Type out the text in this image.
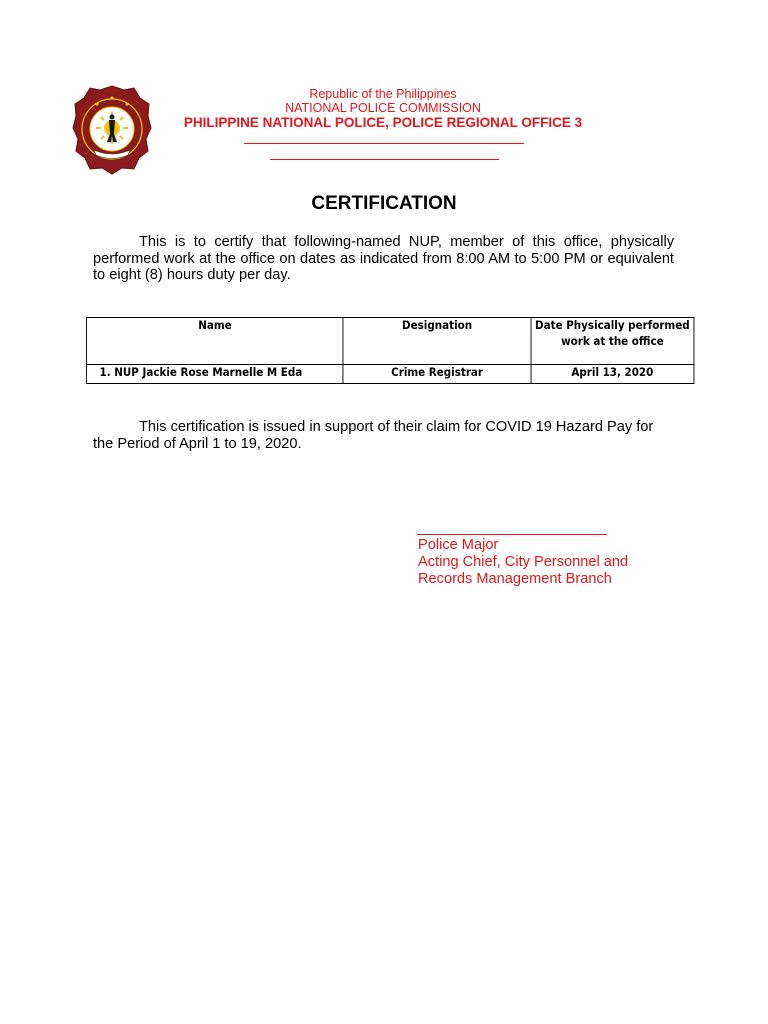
Republic of the Philippines
NATIONAL POLICE COMMISSION
PHILIPPINE NATIONAL POLICE, POLICE REGIONAL OFFICE 3
CERTIFICATION
This is to certify that following-named NUP, member of this office, physically performed work at the office on dates as indicated from 8:00 AM to 5:00 PM or equivalent to eight (8) hours duty per day.
Name	Designation	Date Physically performed work at the office
1. NUP Jackie Rose Marnelle M Eda	Crime Registrar	April 13, 2020
This certification is issued in support of their claim for COVID 19 Hazard Pay for the Period of April 1 to 19, 2020.
Police Major
Acting Chief, City Personnel and
Records Management Branch
